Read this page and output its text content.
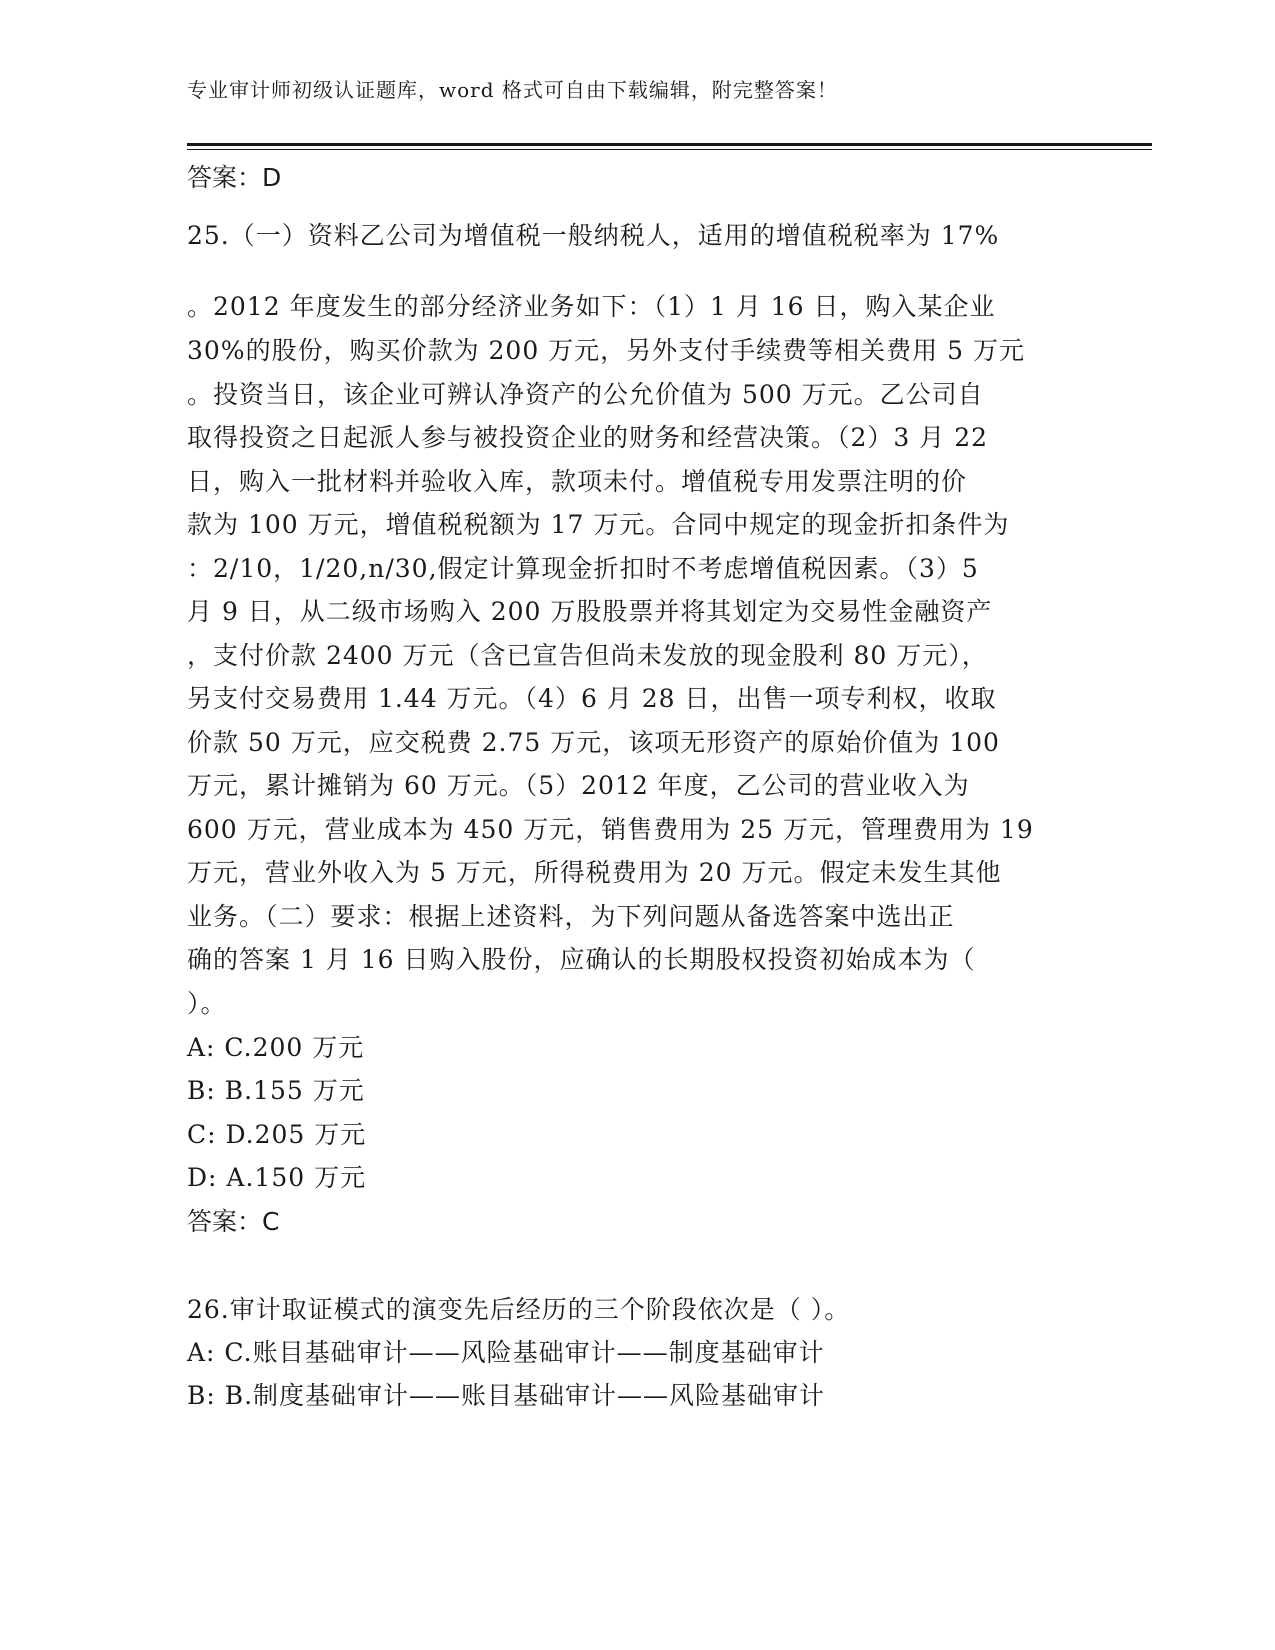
专业审计师初级认证题库，word 格式可自由下载编辑，附完整答案！
答案：D
25.（一）资料乙公司为增值税一般纳税人，适用的增值税税率为 17%
。2012 年度发生的部分经济业务如下：（1）1 月 16 日，购入某企业
30%的股份，购买价款为 200 万元，另外支付手续费等相关费用 5 万元
。投资当日，该企业可辨认净资产的公允价值为 500 万元。乙公司自
取得投资之日起派人参与被投资企业的财务和经营决策。（2）3 月 22
日，购入一批材料并验收入库，款项未付。增值税专用发票注明的价
款为 100 万元，增值税税额为 17 万元。合同中规定的现金折扣条件为
：2/10，1/20,n/30,假定计算现金折扣时不考虑增值税因素。（3）5
月 9 日，从二级市场购入 200 万股股票并将其划定为交易性金融资产
，支付价款 2400 万元（含已宣告但尚未发放的现金股利 80 万元），
另支付交易费用 1.44 万元。（4）6 月 28 日，出售一项专利权，收取
价款 50 万元，应交税费 2.75 万元，该项无形资产的原始价值为 100
万元，累计摊销为 60 万元。（5）2012 年度，乙公司的营业收入为
600 万元，营业成本为 450 万元，销售费用为 25 万元，管理费用为 19
万元，营业外收入为 5 万元，所得税费用为 20 万元。假定未发生其他
业务。（二）要求：根据上述资料，为下列问题从备选答案中选出正
确的答案 1 月 16 日购入股份，应确认的长期股权投资初始成本为（
）。
A: C.200 万元
B: B.155 万元
C: D.205 万元
D: A.150 万元
答案：C
26.审计取证模式的演变先后经历的三个阶段依次是（ ）。
A: C.账目基础审计——风险基础审计——制度基础审计
B: B.制度基础审计——账目基础审计——风险基础审计
